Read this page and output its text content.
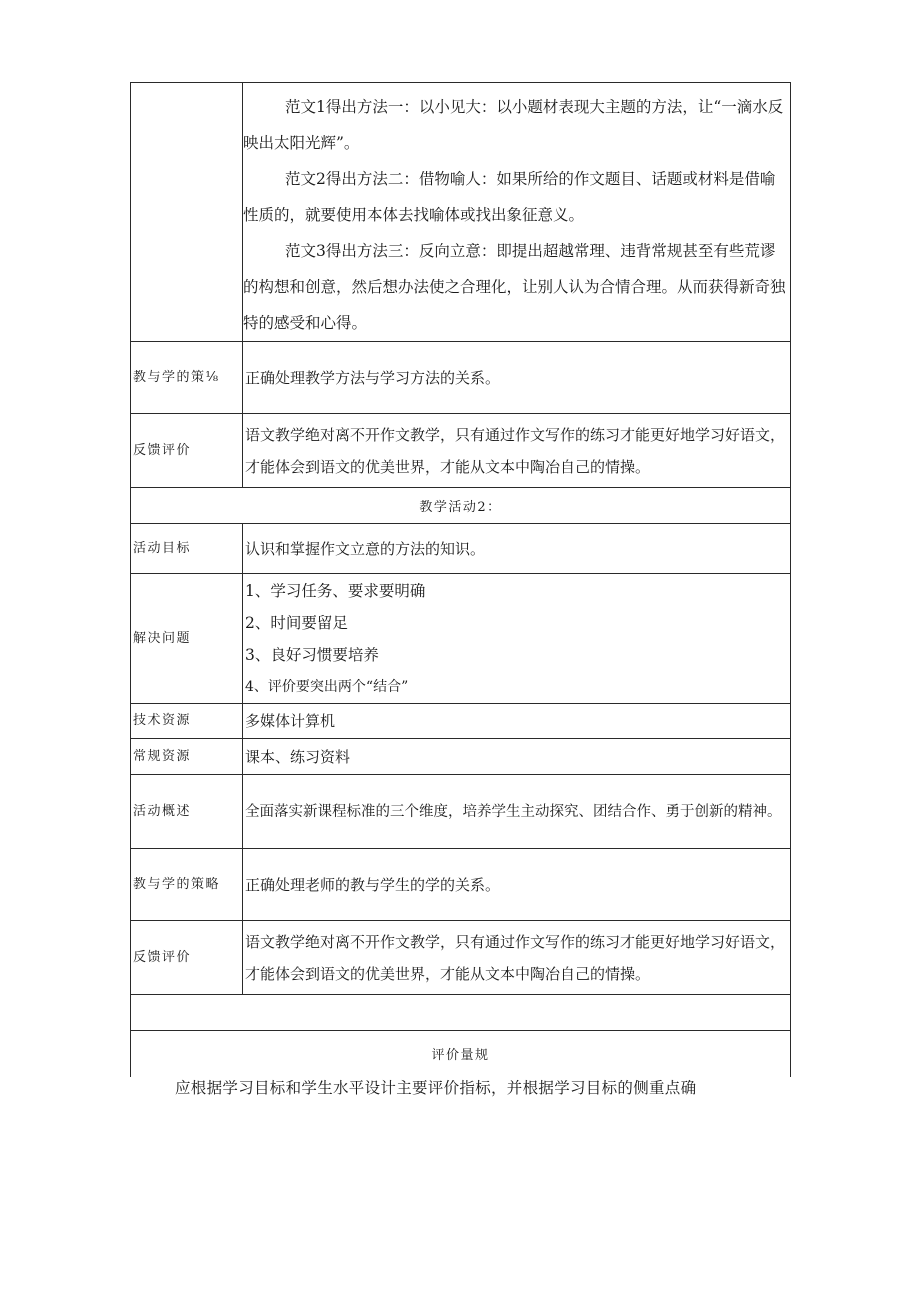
	范文1得出方法一：以小见大：以小题材表现大主题的方法，让“一滴水反映出太阳光辉”。
范文2得出方法二：借物喻人：如果所给的作文题目、话题或材料是借喻性质的，就要使用本体去找喻体或找出象征意义。
范文3得出方法三：反向立意：即提出超越常理、违背常规甚至有些荒谬的构想和创意，然后想办法使之合理化，让别人认为合情合理。从而获得新奇独特的感受和心得。

教与学的策⅛	正确处理教学方法与学习方法的关系。
反馈评价	语文教学绝对离不开作文教学，只有通过作文写作的练习才能更好地学习好语文，才能体会到语文的优美世界，才能从文本中陶冶自己的情操。
教学活动2：	
活动目标	认识和掌握作文立意的方法的知识。
解决问题	1、学习任务、要求要明确
2、时间要留足
3、良好习惯要培养
4、评价要突出两个“结合”

技术资源	多媒体计算机
常规资源	课本、练习资料
活动概述	全面落实新课程标准的三个维度，培养学生主动探究、团结合作、勇于创新的精神。
教与学的策略	正确处理老师的教与学生的学的关系。
反馈评价	语文教学绝对离不开作文教学，只有通过作文写作的练习才能更好地学习好语文，才能体会到语文的优美世界，才能从文本中陶冶自己的情操。

评价量规	
应根据学习目标和学生水平设计主要评价指标，并根据学习目标的侧重点确
